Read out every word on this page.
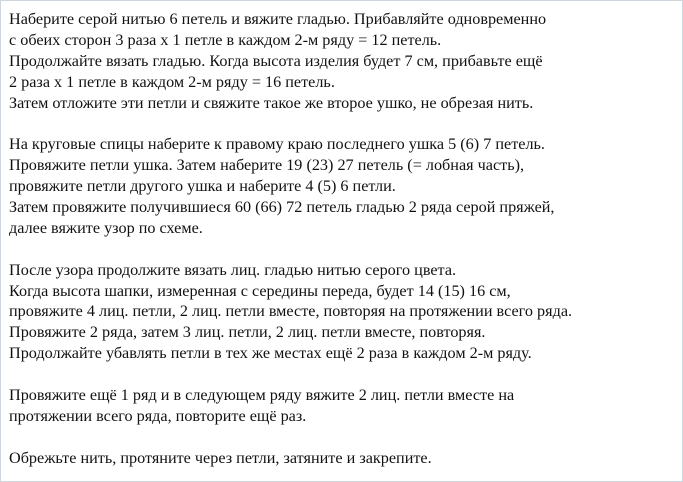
Наберите серой нитью 6 петель и вяжите гладью. Прибавляйте одновременно
с обеих сторон 3 раза х 1 петле в каждом 2-м ряду = 12 петель.
Продолжайте вязать гладью. Когда высота изделия будет 7 см, прибавьте ещё
2 раза х 1 петле в каждом 2-м ряду = 16 петель.
Затем отложите эти петли и свяжите такое же второе ушко, не обрезая нить.
На круговые спицы наберите к правому краю последнего ушка 5 (6) 7 петель.
Провяжите петли ушка. Затем наберите 19 (23) 27 петель (= лобная часть),
провяжите петли другого ушка и наберите 4 (5) 6 петли.
Затем провяжите получившиеся 60 (66) 72 петель гладью 2 ряда серой пряжей,
далее вяжите узор по схеме.
После узора продолжите вязать лиц. гладью нитью серого цвета.
Когда высота шапки, измеренная с середины переда, будет 14 (15) 16 см,
провяжите 4 лиц. петли, 2 лиц. петли вместе, повторяя на протяжении всего ряда.
Провяжите 2 ряда, затем 3 лиц. петли, 2 лиц. петли вместе, повторяя.
Продолжайте убавлять петли в тех же местах ещё 2 раза в каждом 2-м ряду.
Провяжите ещё 1 ряд и в следующем ряду вяжите 2 лиц. петли вместе на
протяжении всего ряда, повторите ещё раз.
Обрежьте нить, протяните через петли, затяните и закрепите.
